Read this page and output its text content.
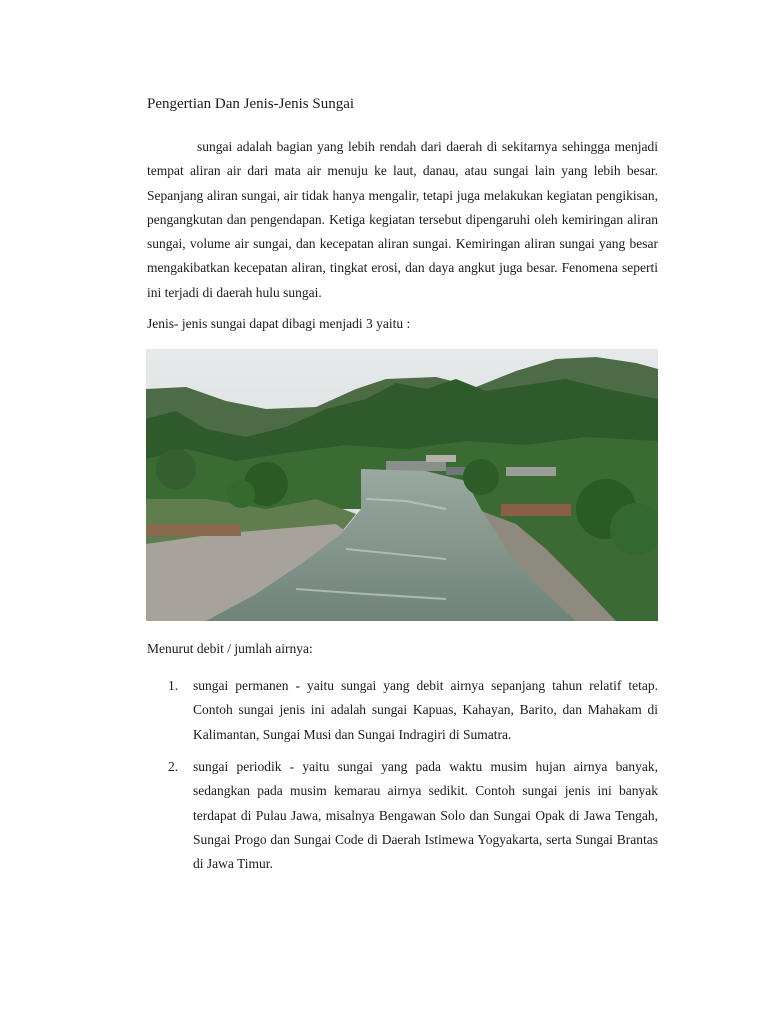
Pengertian Dan Jenis-Jenis Sungai

sungai adalah bagian yang lebih rendah dari daerah di sekitarnya sehingga menjadi tempat aliran air dari mata air menuju ke laut, danau, atau sungai lain yang lebih besar. Sepanjang aliran sungai, air tidak hanya mengalir, tetapi juga melakukan kegiatan pengikisan, pengangkutan dan pengendapan. Ketiga kegiatan tersebut dipengaruhi oleh kemiringan aliran sungai, volume air sungai, dan kecepatan aliran sungai. Kemiringan aliran sungai yang besar mengakibatkan kecepatan aliran, tingkat erosi, dan daya angkut juga besar. Fenomena seperti ini terjadi di daerah hulu sungai.

Jenis- jenis sungai dapat dibagi menjadi 3 yaitu :
Menurut debit / jumlah airnya:
1. sungai permanen - yaitu sungai yang debit airnya sepanjang tahun relatif tetap. Contoh sungai jenis ini adalah sungai Kapuas, Kahayan, Barito, dan Mahakam di Kalimantan, Sungai Musi dan Sungai Indragiri di Sumatra.

2. sungai periodik - yaitu sungai yang pada waktu musim hujan airnya banyak, sedangkan pada musim kemarau airnya sedikit. Contoh sungai jenis ini banyak terdapat di Pulau Jawa, misalnya Bengawan Solo dan Sungai Opak di Jawa Tengah, Sungai Progo dan Sungai Code di Daerah Istimewa Yogyakarta, serta Sungai Brantas di Jawa Timur.
